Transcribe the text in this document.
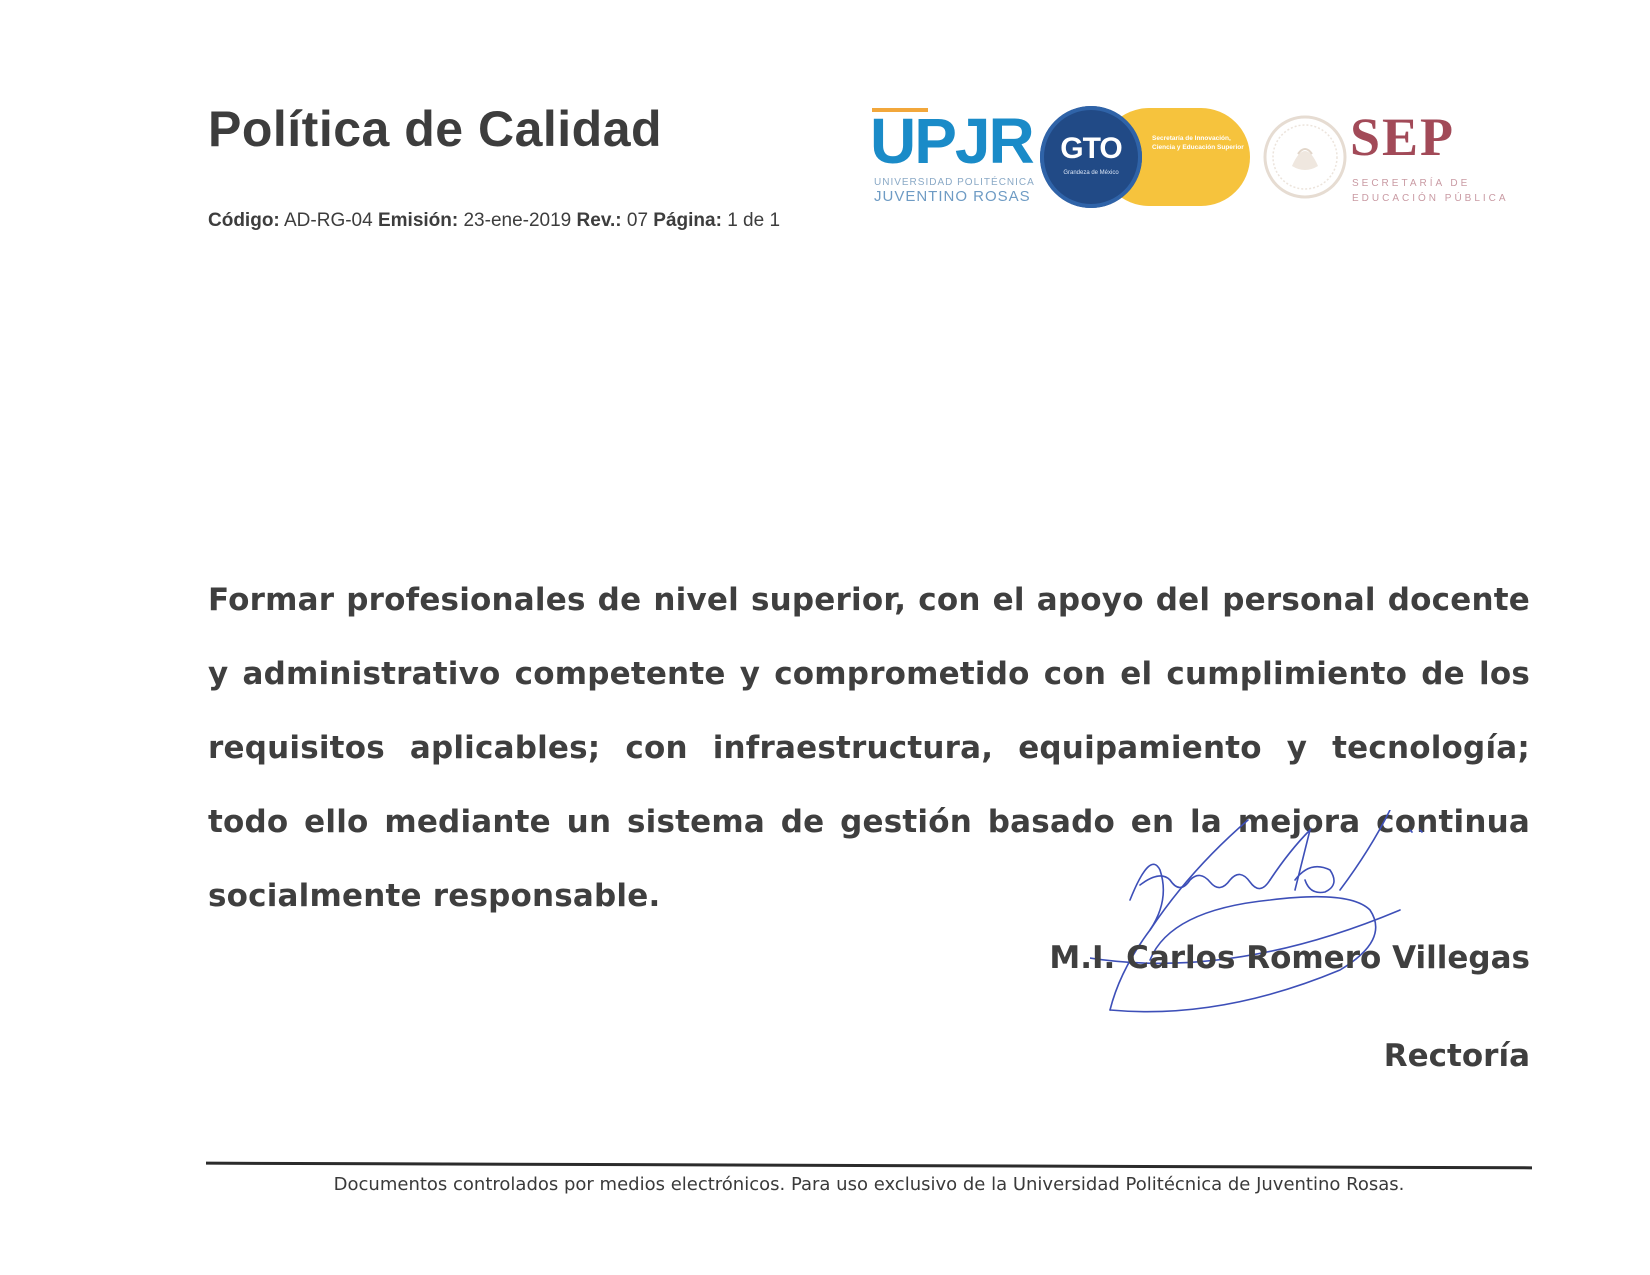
Política de Calidad
Código: AD-RG-04 Emisión: 23-ene-2019 Rev.: 07 Página: 1 de 1
UPJR
UNIVERSIDAD POLITÉCNICA
JUVENTINO ROSAS
GTO
Grandeza de México
Secretaría de Innovación, Ciencia y Educación Superior SEP
SECRETARÍA DE
EDUCACIÓN PÚBLICA

Formar profesionales de nivel superior, con el apoyo del personal docente y administrativo competente y comprometido con el cumplimiento de los requisitos aplicables; con infraestructura, equipamiento y tecnología; todo ello mediante un sistema de gestión basado en la mejora continua socialmente responsable.

M.I. Carlos Romero Villegas
Rectoría
Documentos controlados por medios electrónicos. Para uso exclusivo de la Universidad Politécnica de Juventino Rosas.
